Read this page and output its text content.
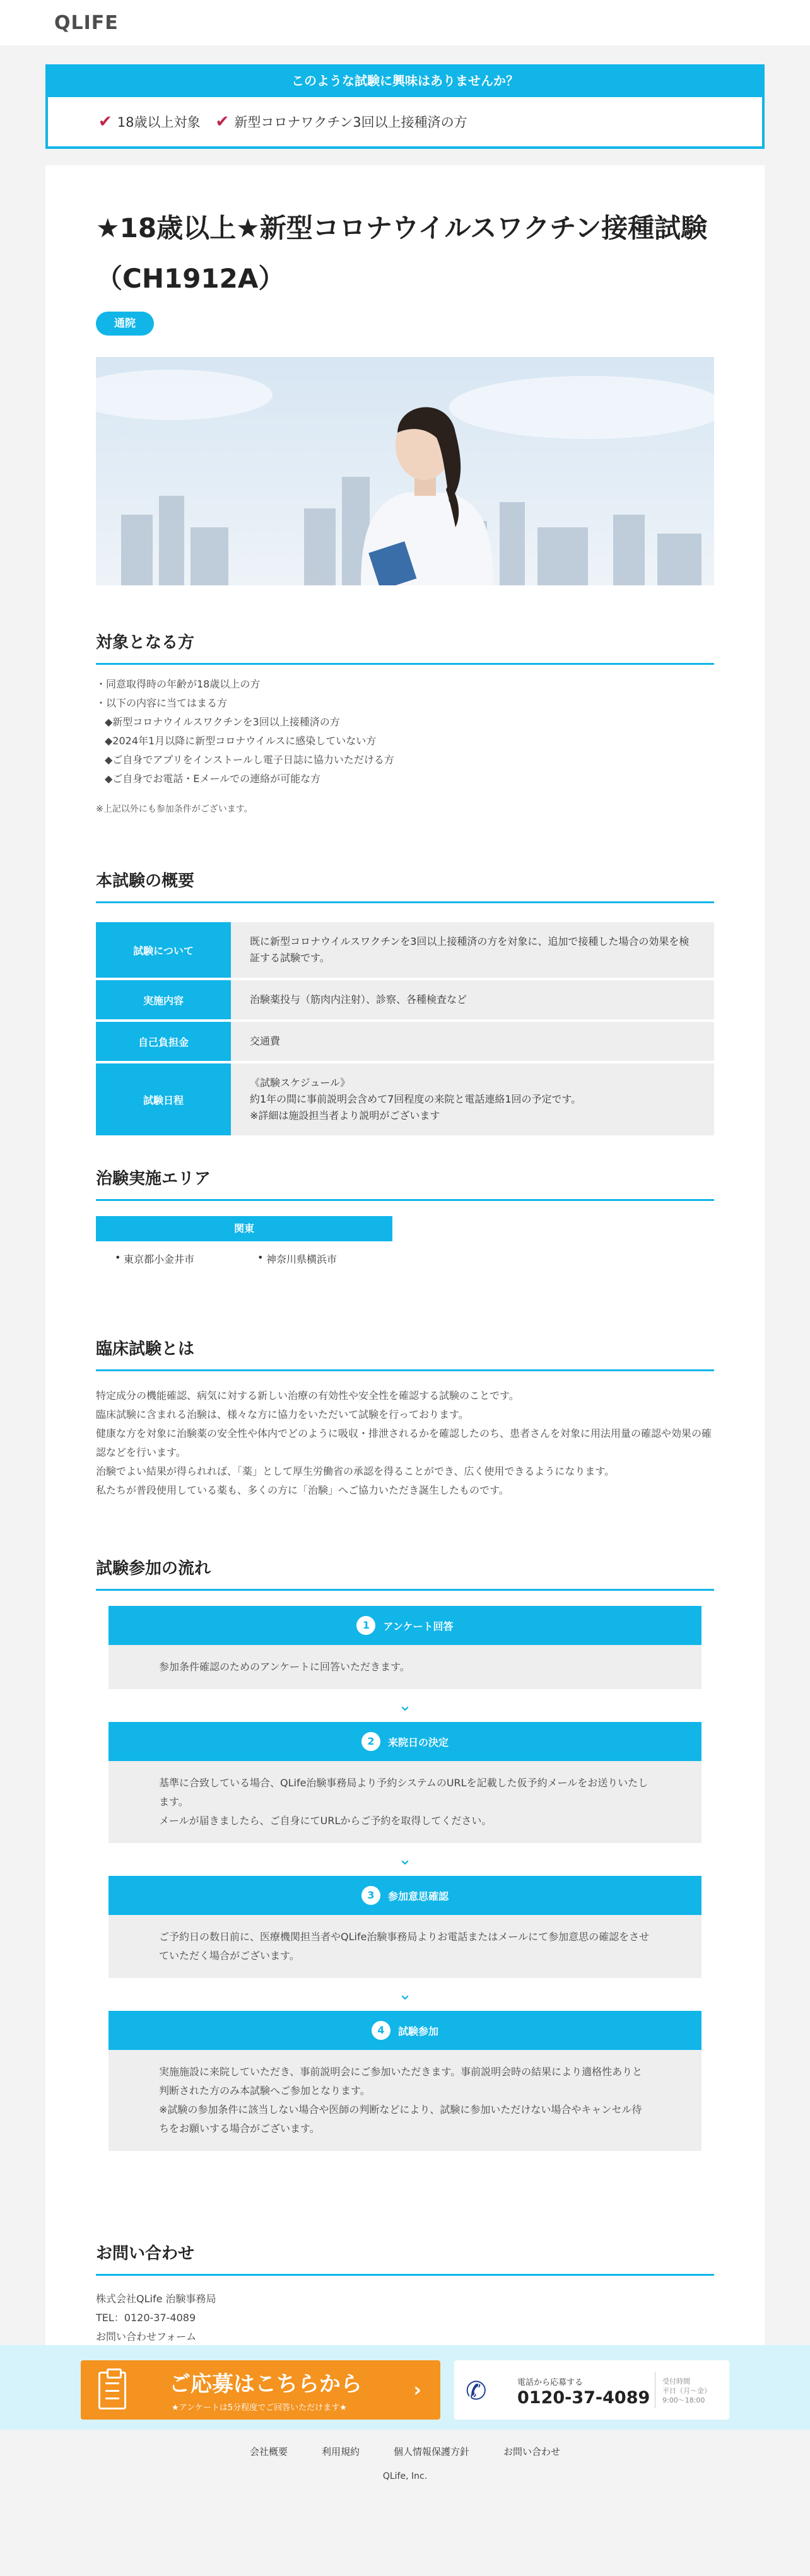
QLIFE
このような試験に興味はありませんか？
✔ 18歳以上対象 ✔ 新型コロナワクチン3回以上接種済の方
★18歳以上★新型コロナウイルスワクチン接種試験
（CH1912A）
通院
対象となる方
・同意取得時の年齢が18歳以上の方
・以下の内容に当てはまる方
◆新型コロナウイルスワクチンを3回以上接種済の方
◆2024年1月以降に新型コロナウイルスに感染していない方
◆ご自身でアプリをインストールし電子日誌に協力いただける方
◆ご自身でお電話・Eメールでの連絡が可能な方
※上記以外にも参加条件がございます。
本試験の概要
試験について	既に新型コロナウイルスワクチンを3回以上接種済の方を対象に、追加で接種した場合の効果を検証する試験です。
実施内容	治験薬投与（筋肉内注射）、診察、各種検査など
自己負担金	交通費
試験日程	《試験スケジュール》
約1年の間に事前説明会含めて7回程度の来院と電話連絡1回の予定です。
※詳細は施設担当者より説明がございます
治験実施エリア
関東
• 東京都小金井市	• 神奈川県横浜市
臨床試験とは
特定成分の機能確認、病気に対する新しい治療の有効性や安全性を確認する試験のことです。
臨床試験に含まれる治験は、様々な方に協力をいただいて試験を行っております。
健康な方を対象に治験薬の安全性や体内でどのように吸収・排泄されるかを確認したのち、患者さんを対象に用法用量の確認や効果の確
認などを行います。
治験でよい結果が得られれば、「薬」として厚生労働省の承認を得ることができ、広く使用できるようになります。
私たちが普段使用している薬も、多くの方に「治験」へご協力いただき誕生したものです。
試験参加の流れ
1	アンケート回答
参加条件確認のためのアンケートに回答いただきます。
⌄
2	来院日の決定
基準に合致している場合、QLife治験事務局より予約システムのURLを記載した仮予約メールをお送りいたし
ます。
メールが届きましたら、ご自身にてURLからご予約を取得してください。
⌄
3	参加意思確認
ご予約日の数日前に、医療機関担当者やQLife治験事務局よりお電話またはメールにて参加意思の確認をさせ
ていただく場合がございます。
⌄
4	試験参加
実施施設に来院していただき、事前説明会にご参加いただきます。事前説明会時の結果により適格性ありと
判断された方のみ本試験へご参加となります。
※試験の参加条件に該当しない場合や医師の判断などにより、試験に参加いただけない場合やキャンセル待
ちをお願いする場合がございます。
お問い合わせ
株式会社QLife 治験事務局
TEL：0120-37-4089
お問い合わせフォーム
ご応募はこちらから
★アンケートは5分程度でご回答いただけます★
› ✆	電話から応募する
0120-37-4089
受付時間
平日（月〜金）
9:00〜18:00
会社概要	利用規約	個人情報保護方針	お問い合わせ
QLife, Inc.
